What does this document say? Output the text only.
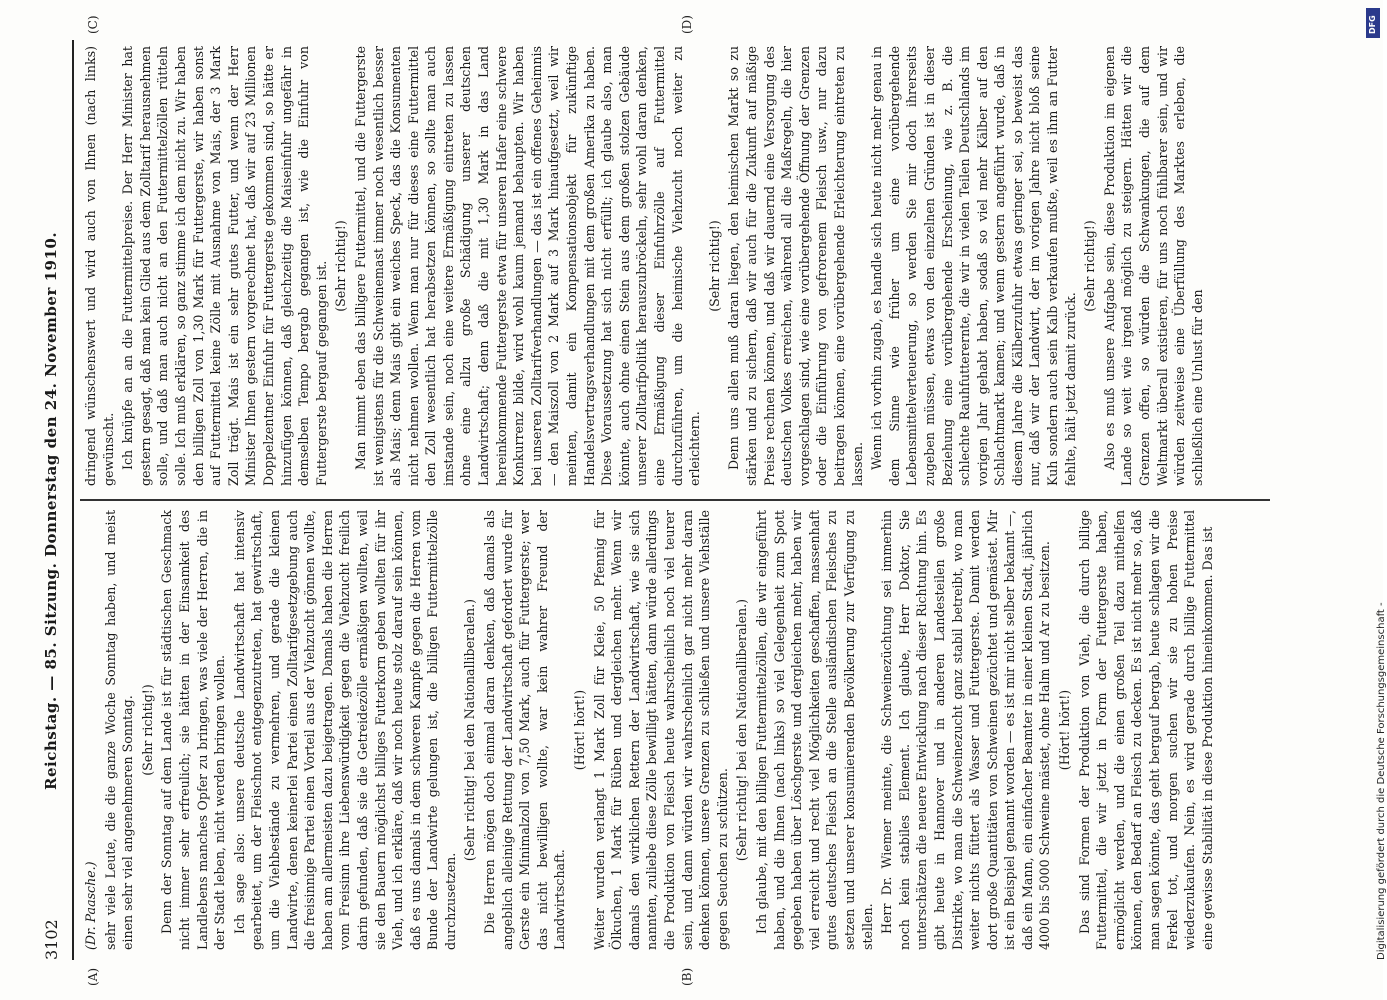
3102
Reichstag. — 85. Sitzung. Donnerstag den 24. November 1910.
(A)	(B)
(C)	(D)

(Dr. Paasche.) sehr viele Leute, die die ganze Woche Sonntag haben, und meist einen sehr viel angenehmeren Sonntag. (Sehr richtig!) Denn der Sonntag auf dem Lande ist für städtischen Geschmack nicht immer sehr erfreulich; sie hätten in der Einsamkeit des Landlebens manches Opfer zu bringen, was viele der Herren, die in der Stadt leben, nicht werden bringen wollen. Ich sage also: unsere deutsche Landwirtschaft hat intensiv gearbeitet, um der Fleischnot entgegenzutreten, hat gewirtschaft, um die Viehbestände zu vermehren, und gerade die kleinen Landwirte, denen keinerlei Partei einen Zolltarifgesetzgebung auch die freisinnige Partei einen Vorteil aus der Viehzucht gönnen wollte, haben am allermeisten dazu beigetragen. Damals haben die Herren vom Freisinn ihre Liebenswürdigkeit gegen die Viehzucht freilich darin gefunden, daß sie die Getreidezölle ermäßigen wollten, weil sie den Bauern möglichst billiges Futterkorn geben wollten für ihr Vieh, und ich erkläre, daß wir noch heute stolz darauf sein können, daß es uns damals in dem schweren Kampfe gegen die Herren vom Bunde der Landwirte gelungen ist, die billigen Futtermittelzölle durchzusetzen.

(Sehr richtig! bei den Nationalliberalen.) Die Herren mögen doch einmal daran denken, daß damals als angeblich alleinige Rettung der Landwirtschaft gefordert wurde für Gerste ein Minimalzoll von 7,50 Mark, auch für Futtergerste; wer das nicht bewilligen wollte, war kein wahrer Freund der Landwirtschaft.

(Hört! hört!) Weiter wurden verlangt 1 Mark Zoll für Kleie, 50 Pfennig für Ölkuchen, 1 Mark für Rüben und dergleichen mehr. Wenn wir damals den wirklichen Rettern der Landwirtschaft, wie sie sich nannten, zuliebe diese Zölle bewilligt hätten, dann würde allerdings die Produktion von Fleisch heute wahrscheinlich noch viel teurer sein, und dann würden wir wahrscheinlich gar nicht mehr daran denken können, unsere Grenzen zu schließen und unsere Viehställe gegen Seuchen zu schützen. (Sehr richtig! bei den Nationalliberalen.) Ich glaube, mit den billigen Futtermittelzöllen, die wir eingeführt haben, und die Ihnen (nach links) so viel Gelegenheit zum Spott gegeben haben über Löschgerste und dergleichen mehr, haben wir viel erreicht und recht viel Möglichkeiten geschaffen, massenhaft gutes deutsches Fleisch an die Stelle ausländischen Fleisches zu setzen und unserer konsumierenden Bevölkerung zur Verfügung zu stellen. Herr Dr. Wiemer meinte, die Schweinezüchtung sei immerhin noch kein stabiles Element. Ich glaube, Herr Doktor, Sie unterschätzen die neuere Entwicklung nach dieser Richtung hin. Es gibt heute in Hannover und in anderen Landesteilen große Distrikte, wo man die Schweinezucht ganz stabil betreibt, wo man weiter nichts füttert als Wasser und Futtergerste. Damit werden dort große Quantitäten von Schweinen gezüchtet und gemästet. Mir ist ein Beispiel genannt worden — es ist mir nicht selber bekannt —, daß ein Mann, ein einfacher Beamter in einer kleinen Stadt, jährlich 4000 bis 5000 Schweine mästet, ohne Halm und Ar zu besitzen. (Hört! hört!) Das sind Formen der Produktion von Vieh, die durch billige Futtermittel, die wir jetzt in Form der Futtergerste haben, ermöglicht werden, und die einen großen Teil dazu mithelfen können, den Bedarf an Fleisch zu decken. Es ist nicht mehr so, daß man sagen könnte, das geht bergauf bergab, heute schlagen wir die Ferkel tot, und morgen suchen wir sie zu hohen Preise wiederzukaufen. Nein, es wird gerade durch billige Futtermittel eine gewisse Stabilität in diese Produktion hineinkommen. Das ist

dringend wünschenswert und wird auch von Ihnen (nach links) gewünscht. Ich knüpfe an an die Futtermittelpreise. Der Herr Minister hat gestern gesagt, daß man kein Glied aus dem Zolltarif herausnehmen solle, und daß man auch nicht an den Futtermittelzöllen rütteln solle. Ich muß erklären, so ganz stimme ich dem nicht zu. Wir haben den billigen Zoll von 1,30 Mark für Futtergerste, wir haben sonst auf Futtermittel keine Zölle mit Ausnahme von Mais, der 3 Mark Zoll trägt. Mais ist ein sehr gutes Futter, und wenn der Herr Minister Ihnen gestern vorgerechnet hat, daß wir auf 23 Millionen Doppelzentner Einfuhr für Futtergerste gekommen sind, so hätte er hinzufügen können, daß gleichzeitig die Maiseinfuhr ungefähr in demselben Tempo bergab gegangen ist, wie die Einfuhr von Futtergerste bergauf gegangen ist. (Sehr richtig!) Man nimmt eben das billigere Futtermittel, und die Futtergerste ist wenigstens für die Schweinemast immer noch wesentlich besser als Mais; denn Mais gibt ein weiches Speck, das die Konsumenten nicht nehmen wollen. Wenn man nur für dieses eine Futtermittel den Zoll wesentlich hat herabsetzen können, so sollte man auch imstande sein, noch eine weitere Ermäßigung eintreten zu lassen ohne eine allzu große Schädigung unserer deutschen Landwirtschaft; denn daß die mit 1,30 Mark in das Land hereinkommende Futtergerste etwa für unseren Hafer eine schwere Konkurrenz bilde, wird wohl kaum jemand behaupten. Wir haben bei unseren Zolltarifverhandlungen — das ist ein offenes Geheimnis — den Maiszoll von 2 Mark auf 3 Mark hinaufgesetzt, weil wir meinten, damit ein Kompensationsobjekt für zukünftige Handelsvertragsverhandlungen mit dem großen Amerika zu haben. Diese Voraussetzung hat sich nicht erfüllt; ich glaube also, man könnte, auch ohne einen Stein aus dem großen stolzen Gebäude unserer Zolltarifpolitik herauszubröckeln, sehr wohl daran denken, eine Ermäßigung dieser Einfuhrzölle auf Futtermittel durchzuführen, um die heimische Viehzucht noch weiter zu erleichtern.

(Sehr richtig!) Denn uns allen muß daran liegen, den heimischen Markt so zu stärken und zu sichern, daß wir auch für die Zukunft auf mäßige Preise rechnen können, und daß wir dauernd eine Versorgung des deutschen Volkes erreichen, während all die Maßregeln, die hier vorgeschlagen sind, wie eine vorübergehende Öffnung der Grenzen oder die Einführung von gefrorenem Fleisch usw., nur dazu beitragen können, eine vorübergehende Erleichterung eintreten zu lassen. Wenn ich vorhin zugab, es handle sich heute nicht mehr genau in dem Sinne wie früher um eine vorübergehende Lebensmittelverteuerung, so werden Sie mir doch ihrerseits zugeben müssen, etwas von den einzelnen Gründen ist in dieser Beziehung eine vorübergehende Erscheinung, wie z. B. die schlechte Rauhfutterernte, die wir in vielen Teilen Deutschlands im vorigen Jahr gehabt haben, sodaß so viel mehr Kälber auf den Schlachtmarkt kamen; und wenn gestern angeführt wurde, daß in diesem Jahre die Kälberzufuhr etwas geringer sei, so beweist das nur, daß wir der Landwirt, der im vorigen Jahre nicht bloß seine Kuh sondern auch sein Kalb verkaufen mußte, weil es ihm an Futter fehlte, hält jetzt damit zurück.

(Sehr richtig!) Also es muß unsere Aufgabe sein, diese Produktion im eigenen Lande so weit wie irgend möglich zu steigern. Hätten wir die Grenzen offen, so würden die Schwankungen, die auf dem Weltmarkt überall existieren, für uns noch fühlbarer sein, und wir würden zeitweise eine Überfüllung des Marktes erleben, die schließlich eine Unlust für den

Digitalisierung gefördert durch die Deutsche Forschungsgemeinschaft -
DFG
